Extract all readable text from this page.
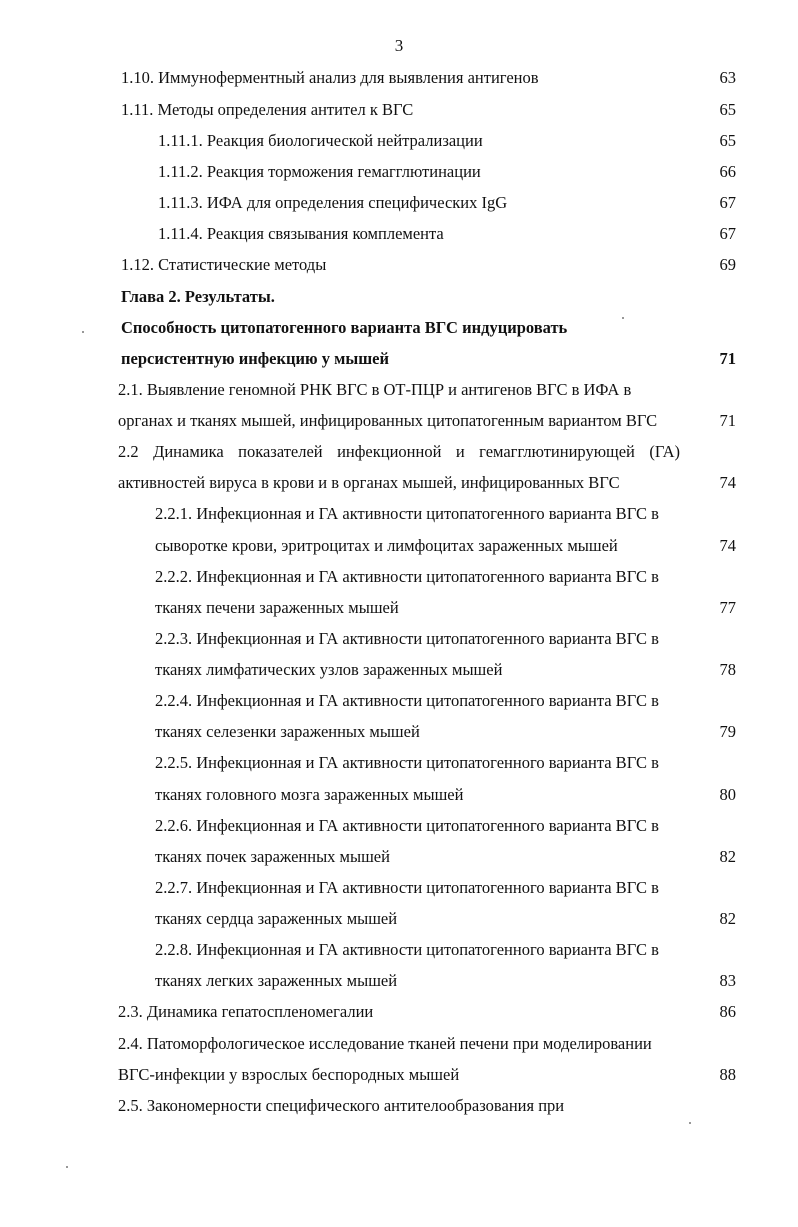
3
1.10. Иммуноферментный анализ для выявления антигенов	63
1.11. Методы определения антител к ВГС	65
1.11.1. Реакция биологической нейтрализации	65
1.11.2. Реакция торможения гемагглютинации	66
1.11.3. ИФА для определения специфических IgG	67
1.11.4. Реакция связывания комплемента	67
1.12. Статистические методы	69
Глава 2. Результаты.
Способность цитопатогенного варианта ВГС индуцировать
персистентную инфекцию у мышей	71
2.1. Выявление геномной РНК ВГС в ОТ-ПЦР и антигенов ВГС в ИФА в
органах и тканях мышей, инфицированных цитопатогенным вариантом ВГС	71
2.2 Динамика показателей инфекционной и гемагглютинирующей (ГА)
активностей вируса в крови и в органах мышей, инфицированных ВГС	74
2.2.1. Инфекционная и ГА активности цитопатогенного варианта ВГС в
сыворотке крови, эритроцитах и лимфоцитах зараженных мышей	74
2.2.2. Инфекционная и ГА активности цитопатогенного варианта ВГС в
тканях печени зараженных мышей	77
2.2.3. Инфекционная и ГА активности цитопатогенного варианта ВГС в
тканях лимфатических узлов зараженных мышей	78
2.2.4. Инфекционная и ГА активности цитопатогенного варианта ВГС в
тканях селезенки зараженных мышей	79
2.2.5. Инфекционная и ГА активности цитопатогенного варианта ВГС в
тканях головного мозга зараженных мышей	80
2.2.6. Инфекционная и ГА активности цитопатогенного варианта ВГС в
тканях почек зараженных мышей	82
2.2.7. Инфекционная и ГА активности цитопатогенного варианта ВГС в
тканях сердца зараженных мышей	82
2.2.8. Инфекционная и ГА активности цитопатогенного варианта ВГС в
тканях легких зараженных мышей	83
2.3. Динамика гепатоспленомегалии	86
2.4. Патоморфологическое исследование тканей печени при моделировании
ВГС-инфекции у взрослых беспородных мышей	88
2.5. Закономерности специфического антителообразования при
